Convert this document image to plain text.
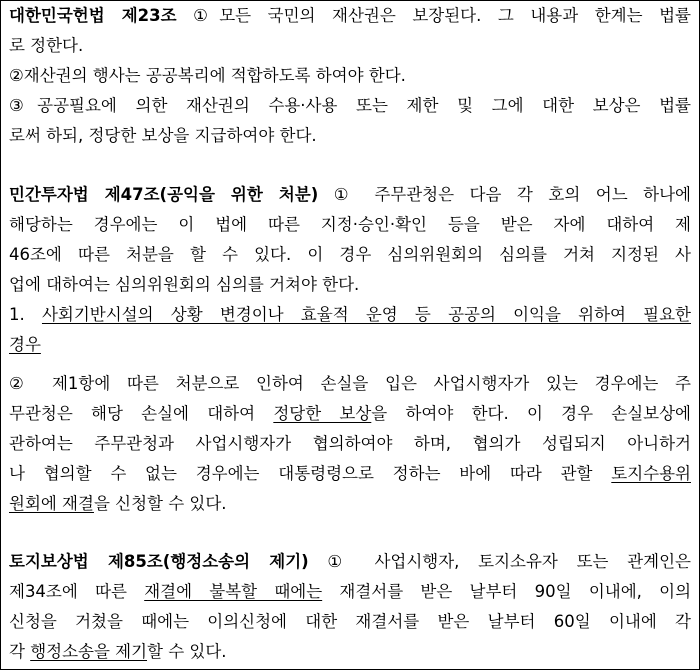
대한민국헌법 제23조 ①모든 국민의 재산권은 보장된다. 그 내용과 한계는 법률
로 정한다.
②재산권의 행사는 공공복리에 적합하도록 하여야 한다.
③공공필요에 의한 재산권의 수용·사용 또는 제한 및 그에 대한 보상은 법률
로써 하되, 정당한 보상을 지급하여야 한다.
민간투자법 제47조(공익을 위한 처분) ① 주무관청은 다음 각 호의 어느 하나에
해당하는 경우에는 이 법에 따른 지정·승인·확인 등을 받은 자에 대하여 제
46조에 따른 처분을 할 수 있다. 이 경우 심의위원회의 심의를 거쳐 지정된 사
업에 대하여는 심의위원회의 심의를 거쳐야 한다.
1. 사회기반시설의 상황 변경이나 효율적 운영 등 공공의 이익을 위하여 필요한
경우
② 제1항에 따른 처분으로 인하여 손실을 입은 사업시행자가 있는 경우에는 주
무관청은 해당 손실에 대하여 정당한 보상을 하여야 한다. 이 경우 손실보상에
관하여는 주무관청과 사업시행자가 협의하여야 하며, 협의가 성립되지 아니하거
나 협의할 수 없는 경우에는 대통령령으로 정하는 바에 따라 관할 토지수용위
원회에 재결을 신청할 수 있다.
토지보상법 제85조(행정소송의 제기) ① 사업시행자, 토지소유자 또는 관계인은
제34조에 따른 재결에 불복할 때에는 재결서를 받은 날부터 90일 이내에, 이의
신청을 거쳤을 때에는 이의신청에 대한 재결서를 받은 날부터 60일 이내에 각
각 행정소송을 제기할 수 있다.
